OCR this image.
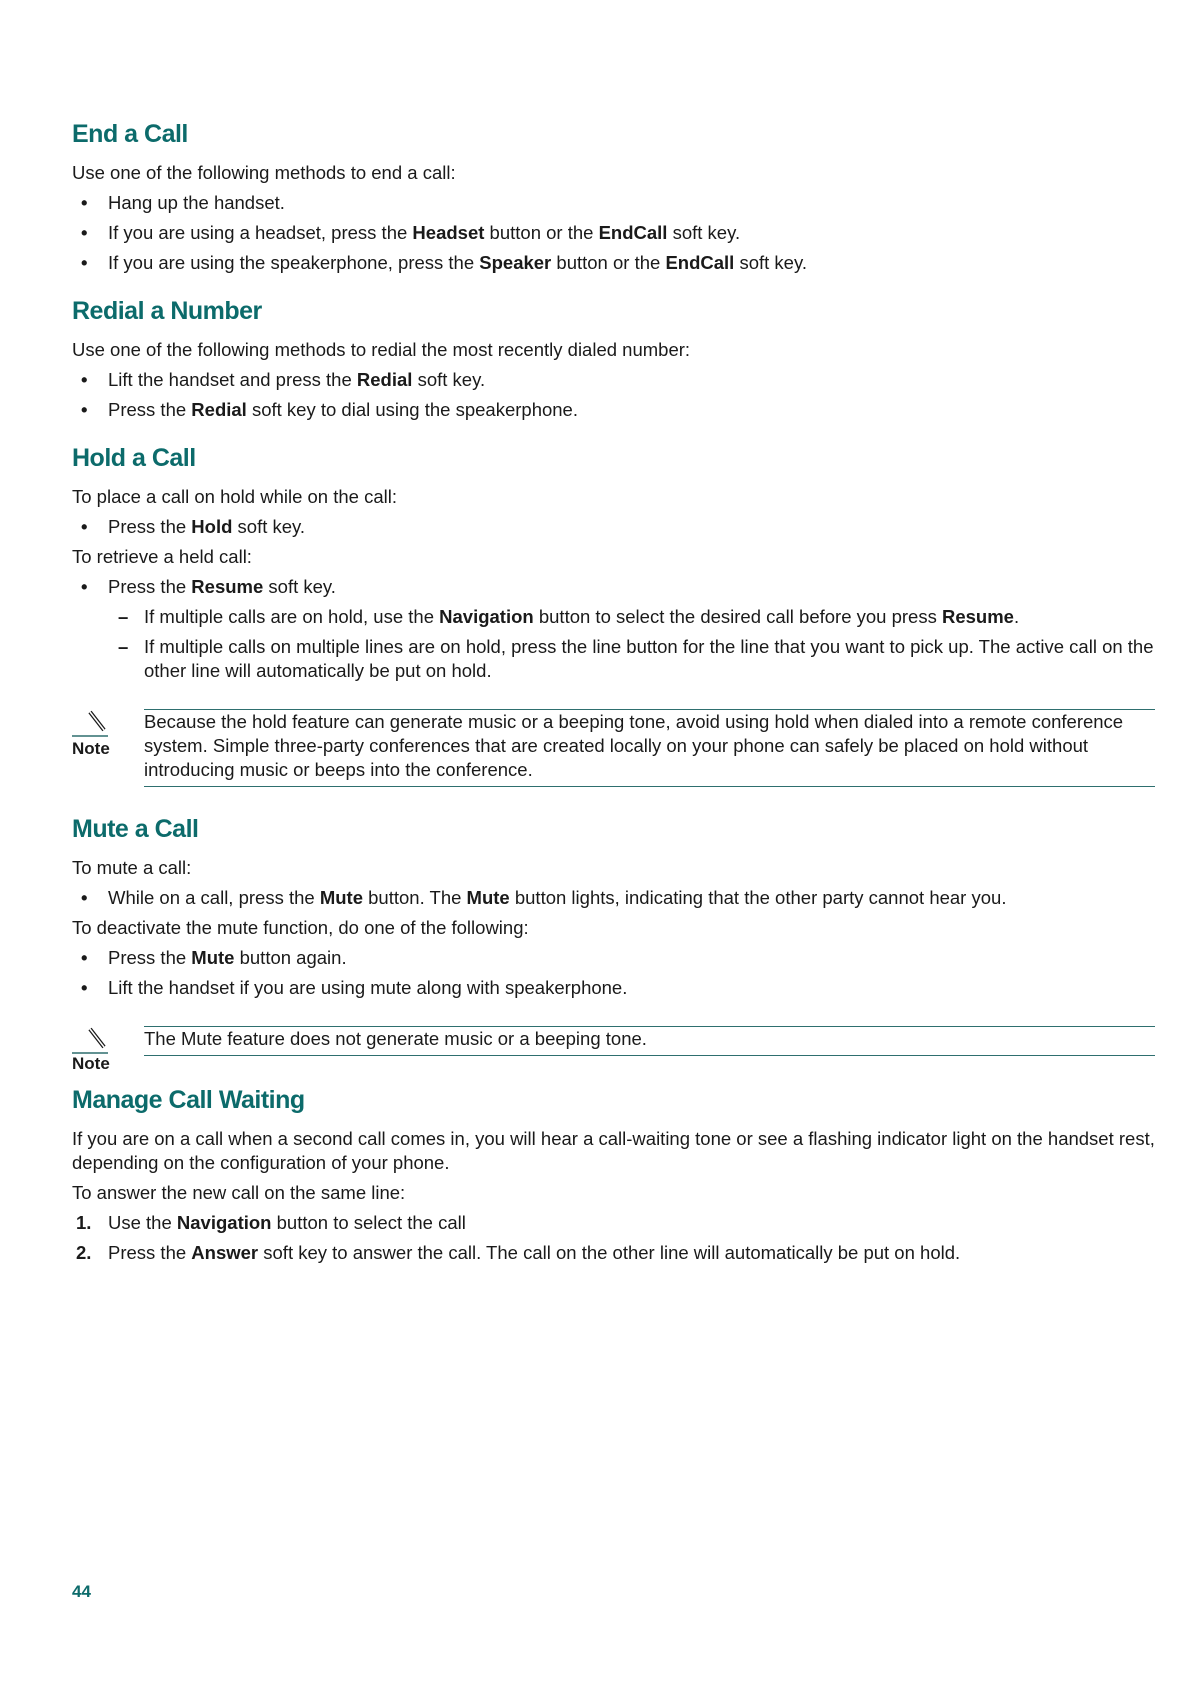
End a Call

Use one of the following methods to end a call:

• Hang up the handset.
• If you are using a headset, press the Headset button or the EndCall soft key.
• If you are using the speakerphone, press the Speaker button or the EndCall soft key.
Redial a Number

Use one of the following methods to redial the most recently dialed number:

• Lift the handset and press the Redial soft key.
• Press the Redial soft key to dial using the speakerphone.
Hold a Call

To place a call on hold while on the call:

• Press the Hold soft key.

To retrieve a held call:

• Press the Resume soft key.
– If multiple calls are on hold, use the Navigation button to select the desired call before you press Resume.
– If multiple calls on multiple lines are on hold, press the line button for the line that you want to pick up. The active call on the other line will automatically be put on hold.
Note
Because the hold feature can generate music or a beeping tone, avoid using hold when dialed into a remote conference system. Simple three-party conferences that are created locally on your phone can safely be placed on hold without introducing music or beeps into the conference.
Mute a Call

To mute a call:

• While on a call, press the Mute button. The Mute button lights, indicating that the other party cannot hear you.

To deactivate the mute function, do one of the following:

• Press the Mute button again.
• Lift the handset if you are using mute along with speakerphone.
Note
The Mute feature does not generate music or a beeping tone.
Manage Call Waiting

If you are on a call when a second call comes in, you will hear a call-waiting tone or see a flashing indicator light on the handset rest, depending on the configuration of your phone.

To answer the new call on the same line:

1. Use the Navigation button to select the call
2. Press the Answer soft key to answer the call. The call on the other line will automatically be put on hold.
44
